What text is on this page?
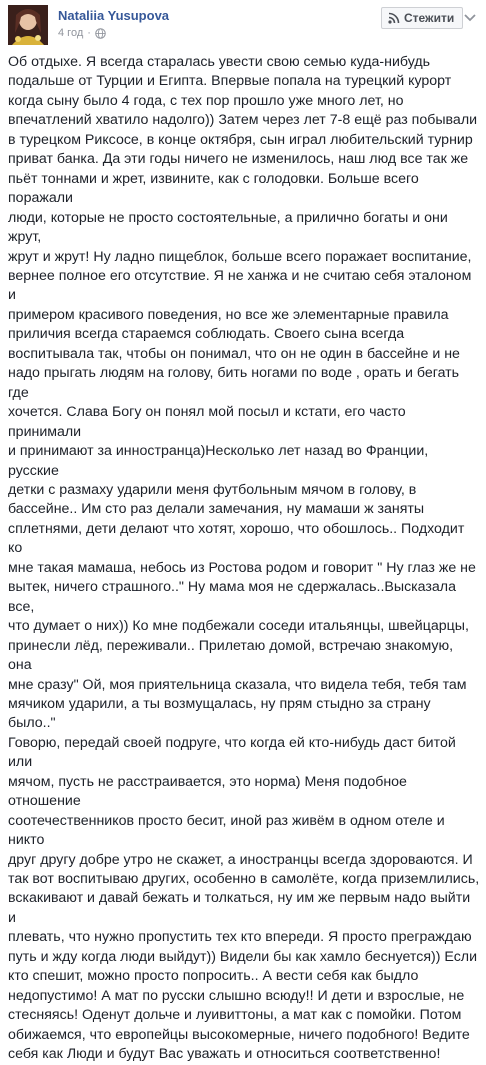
Nataliia Yusupova
4 год ·
Стежити
Об отдыхе. Я всегда старалась увести свою семью куда-нибудь
подальше от Турции и Египта. Впервые попала на турецкий курорт
когда сыну было 4 года, с тех пор прошло уже много лет, но
впечатлений хватило надолго)) Затем через лет 7-8 ещё раз побывали
в турецком Риксосе, в конце октября, сын играл любительский турнир
приват банка. Да эти годы ничего не изменилось, наш люд все так же
пьёт тоннами и жрет, извините, как с голодовки. Больше всего поражали
люди, которые не просто состоятельные, а прилично богаты и они жрут,
жрут и жрут! Ну ладно пищеблок, больше всего поражает воспитание,
вернее полное его отсутствие. Я не ханжа и не считаю себя эталоном и
примером красивого поведения, но все же элементарные правила
приличия всегда стараемся соблюдать. Своего сына всегда
воспитывала так, чтобы он понимал, что он не один в бассейне и не
надо прыгать людям на голову, бить ногами по воде , орать и бегать где
хочется. Слава Богу он понял мой посыл и кстати, его часто принимали
и принимают за инностранца)Несколько лет назад во Франции, русские
детки с размаху ударили меня футбольным мячом в голову, в
бассейне.. Им сто раз делали замечания, ну мамаши ж заняты
сплетнями, дети делают что хотят, хорошо, что обошлось.. Подходит ко
мне такая мамаша, небось из Ростова родом и говорит " Ну глаз же не
вытек, ничего страшного.." Ну мама моя не сдержалась..Высказала все,
что думает о них)) Ко мне подбежали соседи итальянцы, швейцарцы,
принесли лёд, переживали.. Прилетаю домой, встречаю знакомую, она
мне сразу" Ой, моя приятельница сказала, что видела тебя, тебя там
мячиком ударили, а ты возмущалась, ну прям стыдно за страну было.."
Говорю, передай своей подруге, что когда ей кто-нибудь даст битой или
мячом, пусть не расстраивается, это норма) Меня подобное отношение
соотечественников просто бесит, иной раз живём в одном отеле и никто
друг другу добре утро не скажет, а иностранцы всегда здороваются. И
так вот воспитываю других, особенно в самолёте, когда приземлились,
вскакивают и давай бежать и толкаться, ну им же первым надо выйти и
плевать, что нужно пропустить тех кто впереди. Я просто преграждаю
путь и жду когда люди выйдут)) Видели бы как хамло беснуется)) Если
кто спешит, можно просто попросить.. А вести себя как быдло
недопустимо! А мат по русски слышно всюду!! И дети и взрослые, не
стесняясь! Оденут дольче и луивиттоны, а мат как с помойки. Потом
обижаемся, что европейцы высокомерные, ничего подобного! Ведите
себя как Люди и будут Вас уважать и относиться соответственно!
